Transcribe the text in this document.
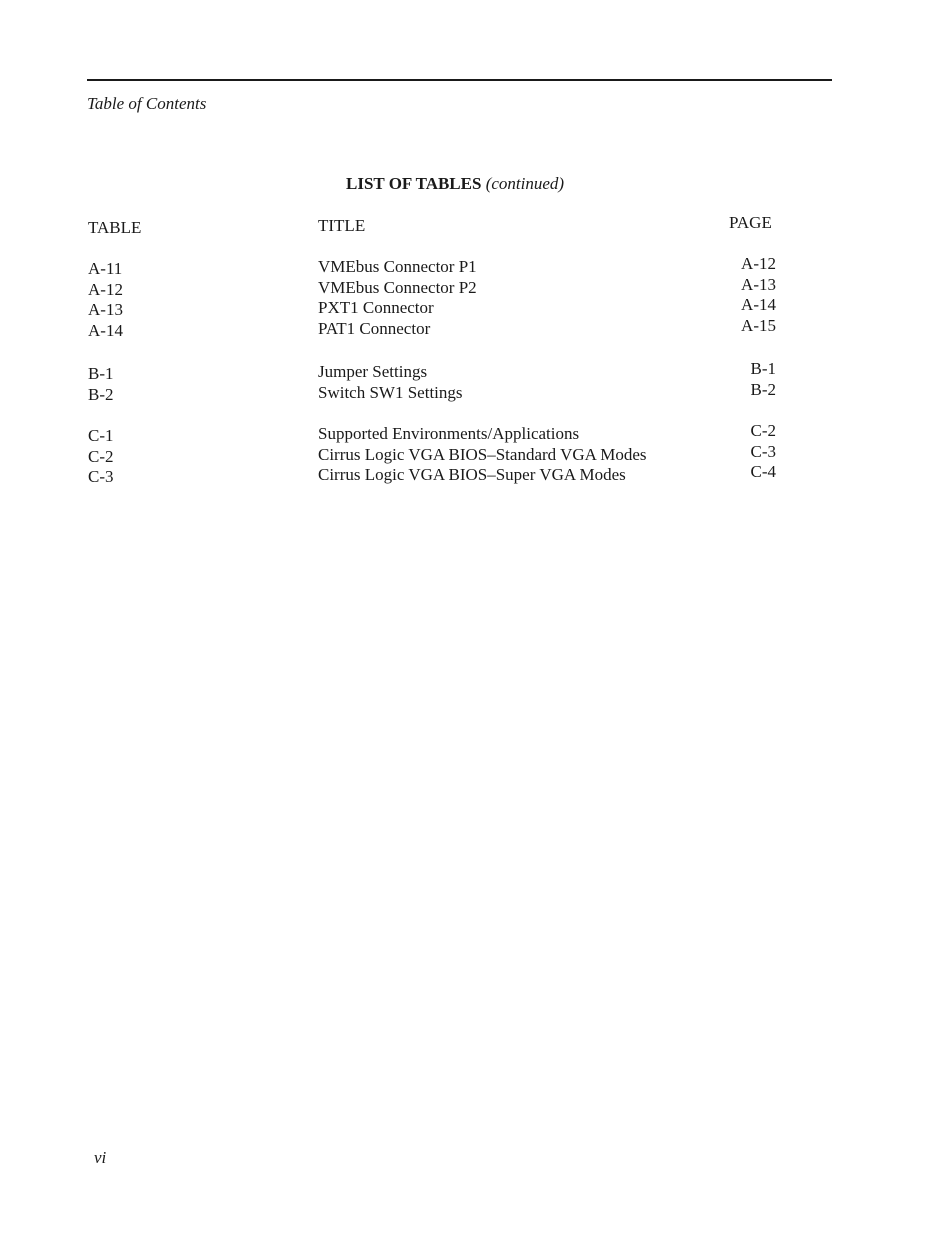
Table of Contents
LIST OF TABLES (continued)
TABLE	TITLE	PAGE
A-11	VMEbus Connector P1	A-12
A-12	VMEbus Connector P2	A-13
A-13	PXT1 Connector	A-14
A-14	PAT1 Connector	A-15
B-1	Jumper Settings	B-1
B-2	Switch SW1 Settings	B-2
C-1	Supported Environments/Applications	C-2
C-2	Cirrus Logic VGA BIOS–Standard VGA Modes	C-3
C-3	Cirrus Logic VGA BIOS–Super VGA Modes	C-4
vi
